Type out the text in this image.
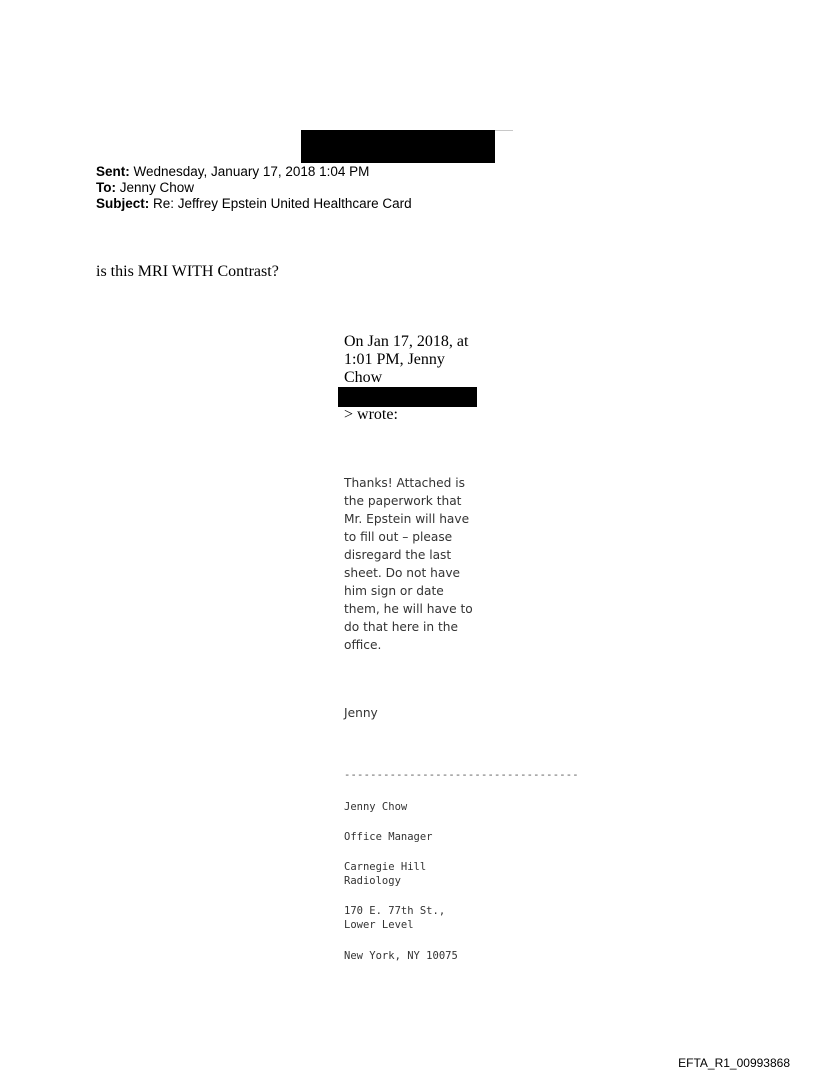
Sent: Wednesday, January 17, 2018 1:04 PM
To: Jenny Chow
Subject: Re: Jeffrey Epstein United Healthcare Card
is this MRI WITH Contrast?
On Jan 17, 2018, at 1:01 PM, Jenny Chow
> wrote:
Thanks! Attached is the paperwork that Mr. Epstein will have to fill out – please disregard the last sheet. Do not have him sign or date them, he will have to do that here in the office.
Jenny
------------------------------------
Jenny Chow
Office Manager
Carnegie Hill
Radiology
170 E. 77th St.,
Lower Level
New York, NY 10075
EFTA_R1_00993868
